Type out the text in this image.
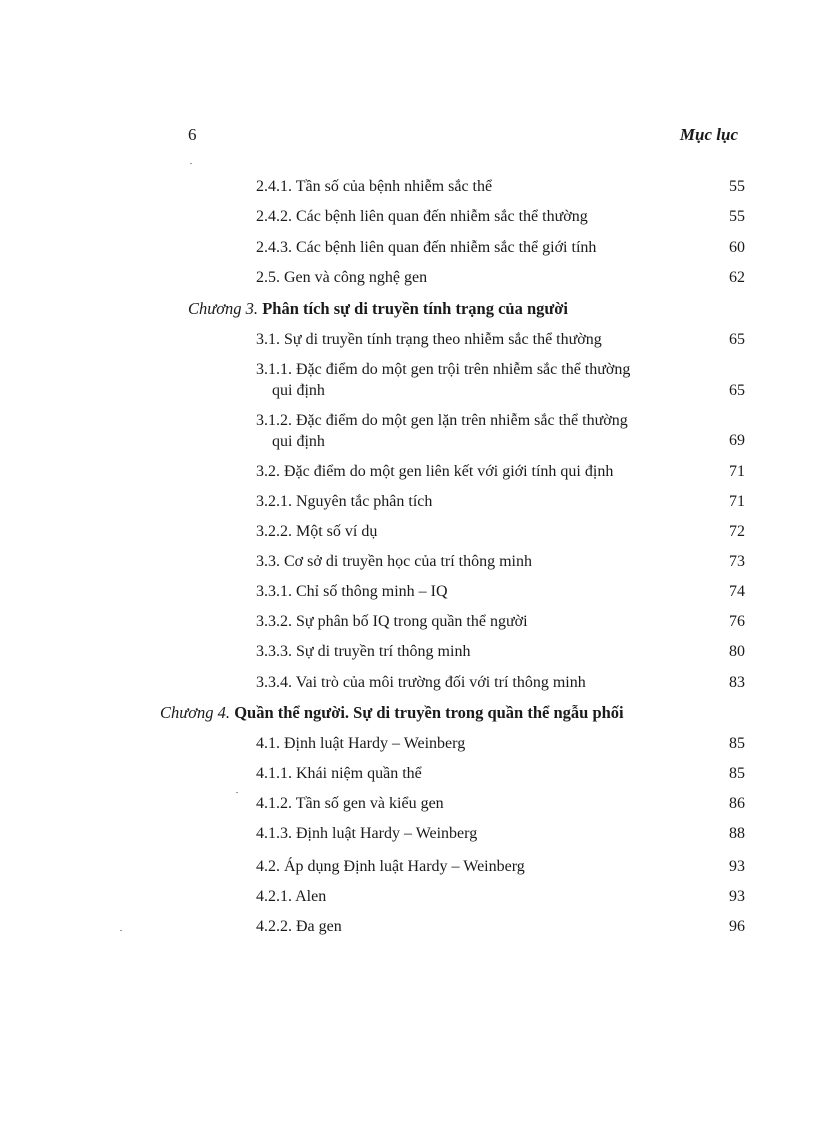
6	Mục lục
2.4.1. Tần số của bệnh nhiễm sắc thể	55
2.4.2. Các bệnh liên quan đến nhiễm sắc thể thường	55
2.4.3. Các bệnh liên quan đến nhiễm sắc thể giới tính	60
2.5. Gen và công nghệ gen	62
Chương 3. Phân tích sự di truyền tính trạng của người
3.1. Sự di truyền tính trạng theo nhiễm sắc thể thường	65
3.1.1. Đặc điểm do một gen trội trên nhiễm sắc thể thường
qui định	65
3.1.2. Đặc điểm do một gen lặn trên nhiễm sắc thể thường
qui định	69
3.2. Đặc điểm do một gen liên kết với giới tính qui định	71
3.2.1. Nguyên tắc phân tích	71
3.2.2. Một số ví dụ	72
3.3. Cơ sở di truyền học của trí thông minh	73
3.3.1. Chỉ số thông minh – IQ	74
3.3.2. Sự phân bố IQ trong quần thể người	76
3.3.3. Sự di truyền trí thông minh	80
3.3.4. Vai trò của môi trường đối với trí thông minh	83
Chương 4. Quần thể người. Sự di truyền trong quần thể ngẫu phối
4.1. Định luật Hardy – Weinberg	85
4.1.1. Khái niệm quần thể	85
4.1.2. Tần số gen và kiểu gen	86
4.1.3. Định luật Hardy – Weinberg	88
4.2. Áp dụng Định luật Hardy – Weinberg	93
4.2.1. Alen	93
4.2.2. Đa gen	96
